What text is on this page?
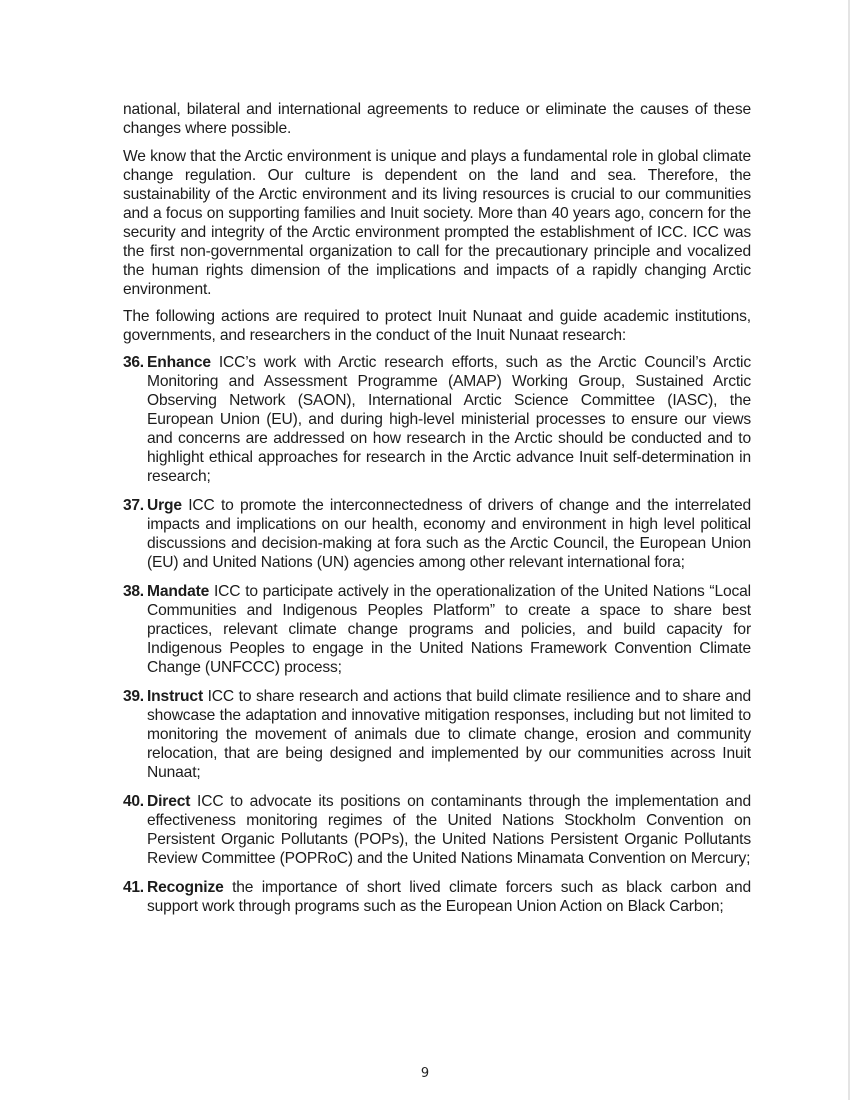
national, bilateral and international agreements to reduce or eliminate the causes of these changes where possible.

We know that the Arctic environment is unique and plays a fundamental role in global climate change regulation. Our culture is dependent on the land and sea. Therefore, the sustainability of the Arctic environment and its living resources is crucial to our communities and a focus on supporting families and Inuit society. More than 40 years ago, concern for the security and integrity of the Arctic environment prompted the establishment of ICC. ICC was the first non-governmental organization to call for the precautionary principle and vocalized the human rights dimension of the implications and impacts of a rapidly changing Arctic environment.

The following actions are required to protect Inuit Nunaat and guide academic institutions, governments, and researchers in the conduct of the Inuit Nunaat research:

36. Enhance ICC’s work with Arctic research efforts, such as the Arctic Council’s Arctic Monitoring and Assessment Programme (AMAP) Working Group, Sustained Arctic Observing Network (SAON), International Arctic Science Committee (IASC), the European Union (EU), and during high-level ministerial processes to ensure our views and concerns are addressed on how research in the Arctic should be conducted and to highlight ethical approaches for research in the Arctic advance Inuit self-determination in research;
37. Urge ICC to promote the interconnectedness of drivers of change and the interrelated impacts and implications on our health, economy and environment in high level political discussions and decision-making at fora such as the Arctic Council, the European Union (EU) and United Nations (UN) agencies among other relevant international fora;
38. Mandate ICC to participate actively in the operationalization of the United Nations “Local Communities and Indigenous Peoples Platform” to create a space to share best practices, relevant climate change programs and policies, and build capacity for Indigenous Peoples to engage in the United Nations Framework Convention Climate Change (UNFCCC) process;
39. Instruct ICC to share research and actions that build climate resilience and to share and showcase the adaptation and innovative mitigation responses, including but not limited to monitoring the movement of animals due to climate change, erosion and community relocation, that are being designed and implemented by our communities across Inuit Nunaat;
40. Direct ICC to advocate its positions on contaminants through the implementation and effectiveness monitoring regimes of the United Nations Stockholm Convention on Persistent Organic Pollutants (POPs), the United Nations Persistent Organic Pollutants Review Committee (POPRoC) and the United Nations Minamata Convention on Mercury;
41. Recognize the importance of short lived climate forcers such as black carbon and support work through programs such as the European Union Action on Black Carbon;
9
